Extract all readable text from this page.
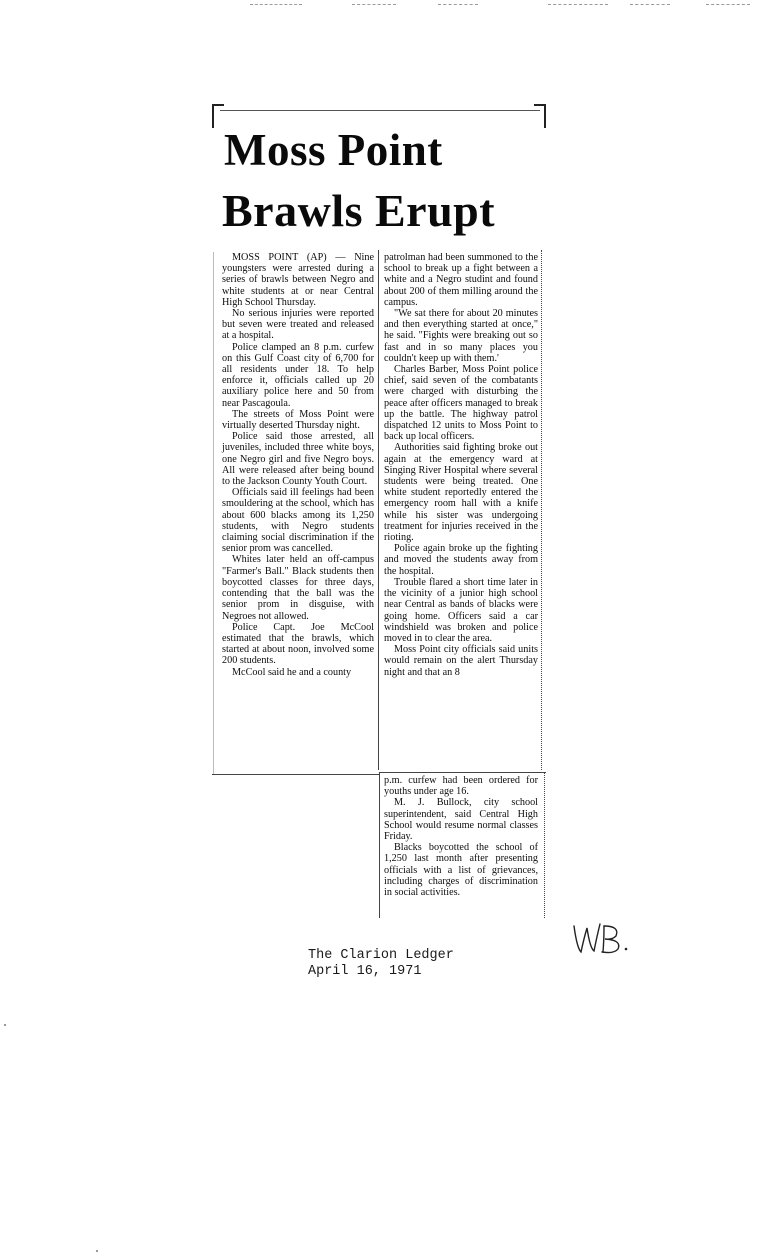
Moss Point
Brawls Erupt

MOSS POINT (AP) — Nine youngsters were arrested during a series of brawls between Negro and white students at or near Central High School Thursday.

No serious injuries were reported but seven were treated and released at a hospital.

Police clamped an 8 p.m. curfew on this Gulf Coast city of 6,700 for all residents under 18. To help enforce it, officials called up 20 auxiliary police here and 50 from near Pascagoula.

The streets of Moss Point were virtually deserted Thursday night.

Police said those arrested, all juveniles, included three white boys, one Negro girl and five Negro boys. All were released after being bound to the Jackson County Youth Court.

Officials said ill feelings had been smouldering at the school, which has about 600 blacks among its 1,250 students, with Negro students claiming social discrimination if the senior prom was cancelled.

Whites later held an off-campus "Farmer's Ball." Black students then boycotted classes for three days, contending that the ball was the senior prom in disguise, with Negroes not allowed.

Police Capt. Joe McCool estimated that the brawls, which started at about noon, involved some 200 students.

McCool said he and a county

patrolman had been summoned to the school to break up a fight between a white and a Negro studint and found about 200 of them milling around the campus.

"We sat there for about 20 minutes and then everything started at once," he said. "Fights were breaking out so fast and in so many places you couldn't keep up with them.'

Charles Barber, Moss Point police chief, said seven of the combatants were charged with disturbing the peace after officers managed to break up the battle. The highway patrol dispatched 12 units to Moss Point to back up local officers.

Authorities said fighting broke out again at the emergency ward at Singing River Hospital where several students were being treated. One white student reportedly entered the emergency room hall with a knife while his sister was undergoing treatment for injuries received in the rioting.

Police again broke up the fighting and moved the students away from the hospital.

Trouble flared a short time later in the vicinity of a junior high school near Central as bands of blacks were going home. Officers said a car windshield was broken and police moved in to clear the area.

Moss Point city officials said units would remain on the alert Thursday night and that an 8

p.m. curfew had been ordered for youths under age 16.

M. J. Bullock, city school superintendent, said Central High School would resume normal classes Friday.

Blacks boycotted the school of 1,250 last month after presenting officials with a list of grievances, including charges of discrimination in social activities.

The Clarion Ledger
April 16, 1971
